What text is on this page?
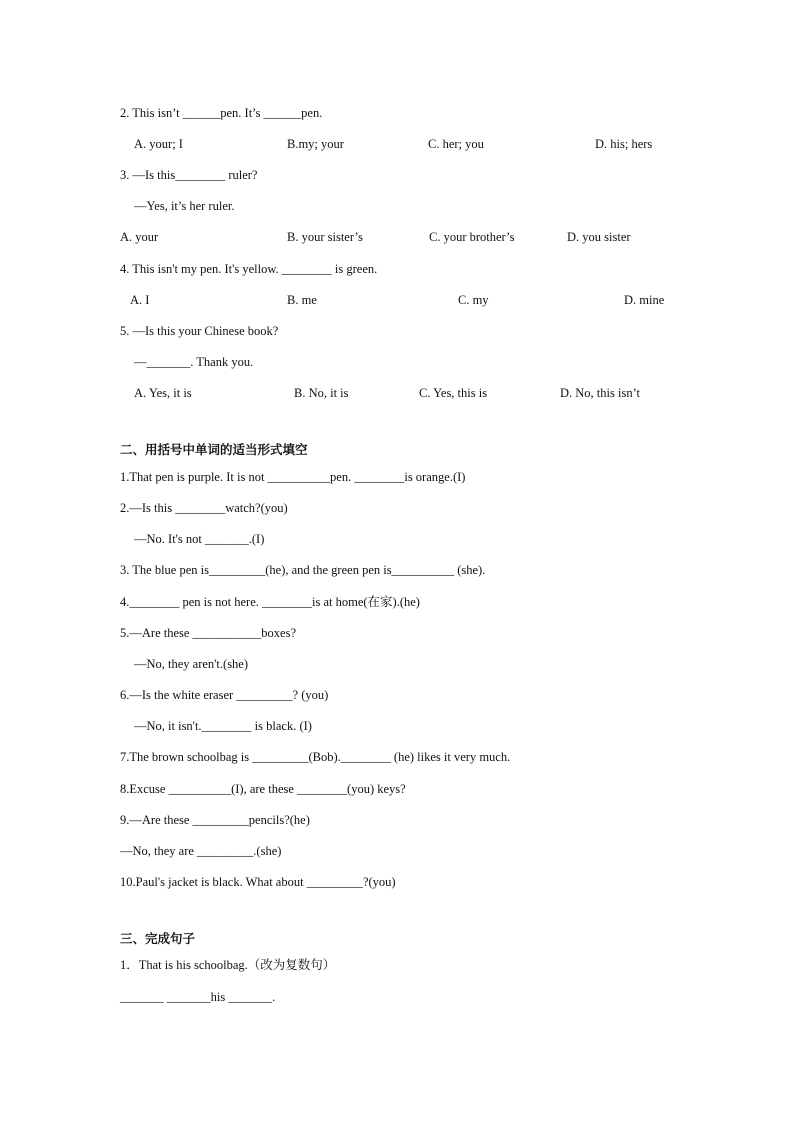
2. This isn’t ______pen. It’s ______pen.
A. your; I	B.my; your	C. her; you	D. his; hers
3. —Is this________ ruler?
—Yes, it’s her ruler.
A. your	B. your sister’s	C. your brother’s	D. you sister
4. This isn't my pen. It's yellow. ________ is green.
A. I	B. me	C. my	D. mine
5. —Is this your Chinese book?
—_______. Thank you.
A. Yes, it is	B. No, it is	C. Yes, this is	D. No, this isn’t
二、用括号中单词的适当形式填空
1.That pen is purple. It is not __________pen. ________is orange.(I)
2.—Is this ________watch?(you)
—No. It's not _______.(I)
3. The blue pen is_________(he), and the green pen is__________ (she).
4.________ pen is not here. ________is at home(在家).(he)
5.—Are these ___________boxes?
—No, they aren't.(she)
6.—Is the white eraser _________? (you)
—No, it isn't.________ is black. (I)
7.The brown schoolbag is _________(Bob).________ (he) likes it very much.
8.Excuse __________(I), are these ________(you) keys?
9.—Are these _________pencils?(he)
—No, they are _________.(she)
10.Paul's jacket is black. What about _________?(you)
三、完成句子
1．That is his schoolbag.（改为复数句）
_______ _______his _______.
